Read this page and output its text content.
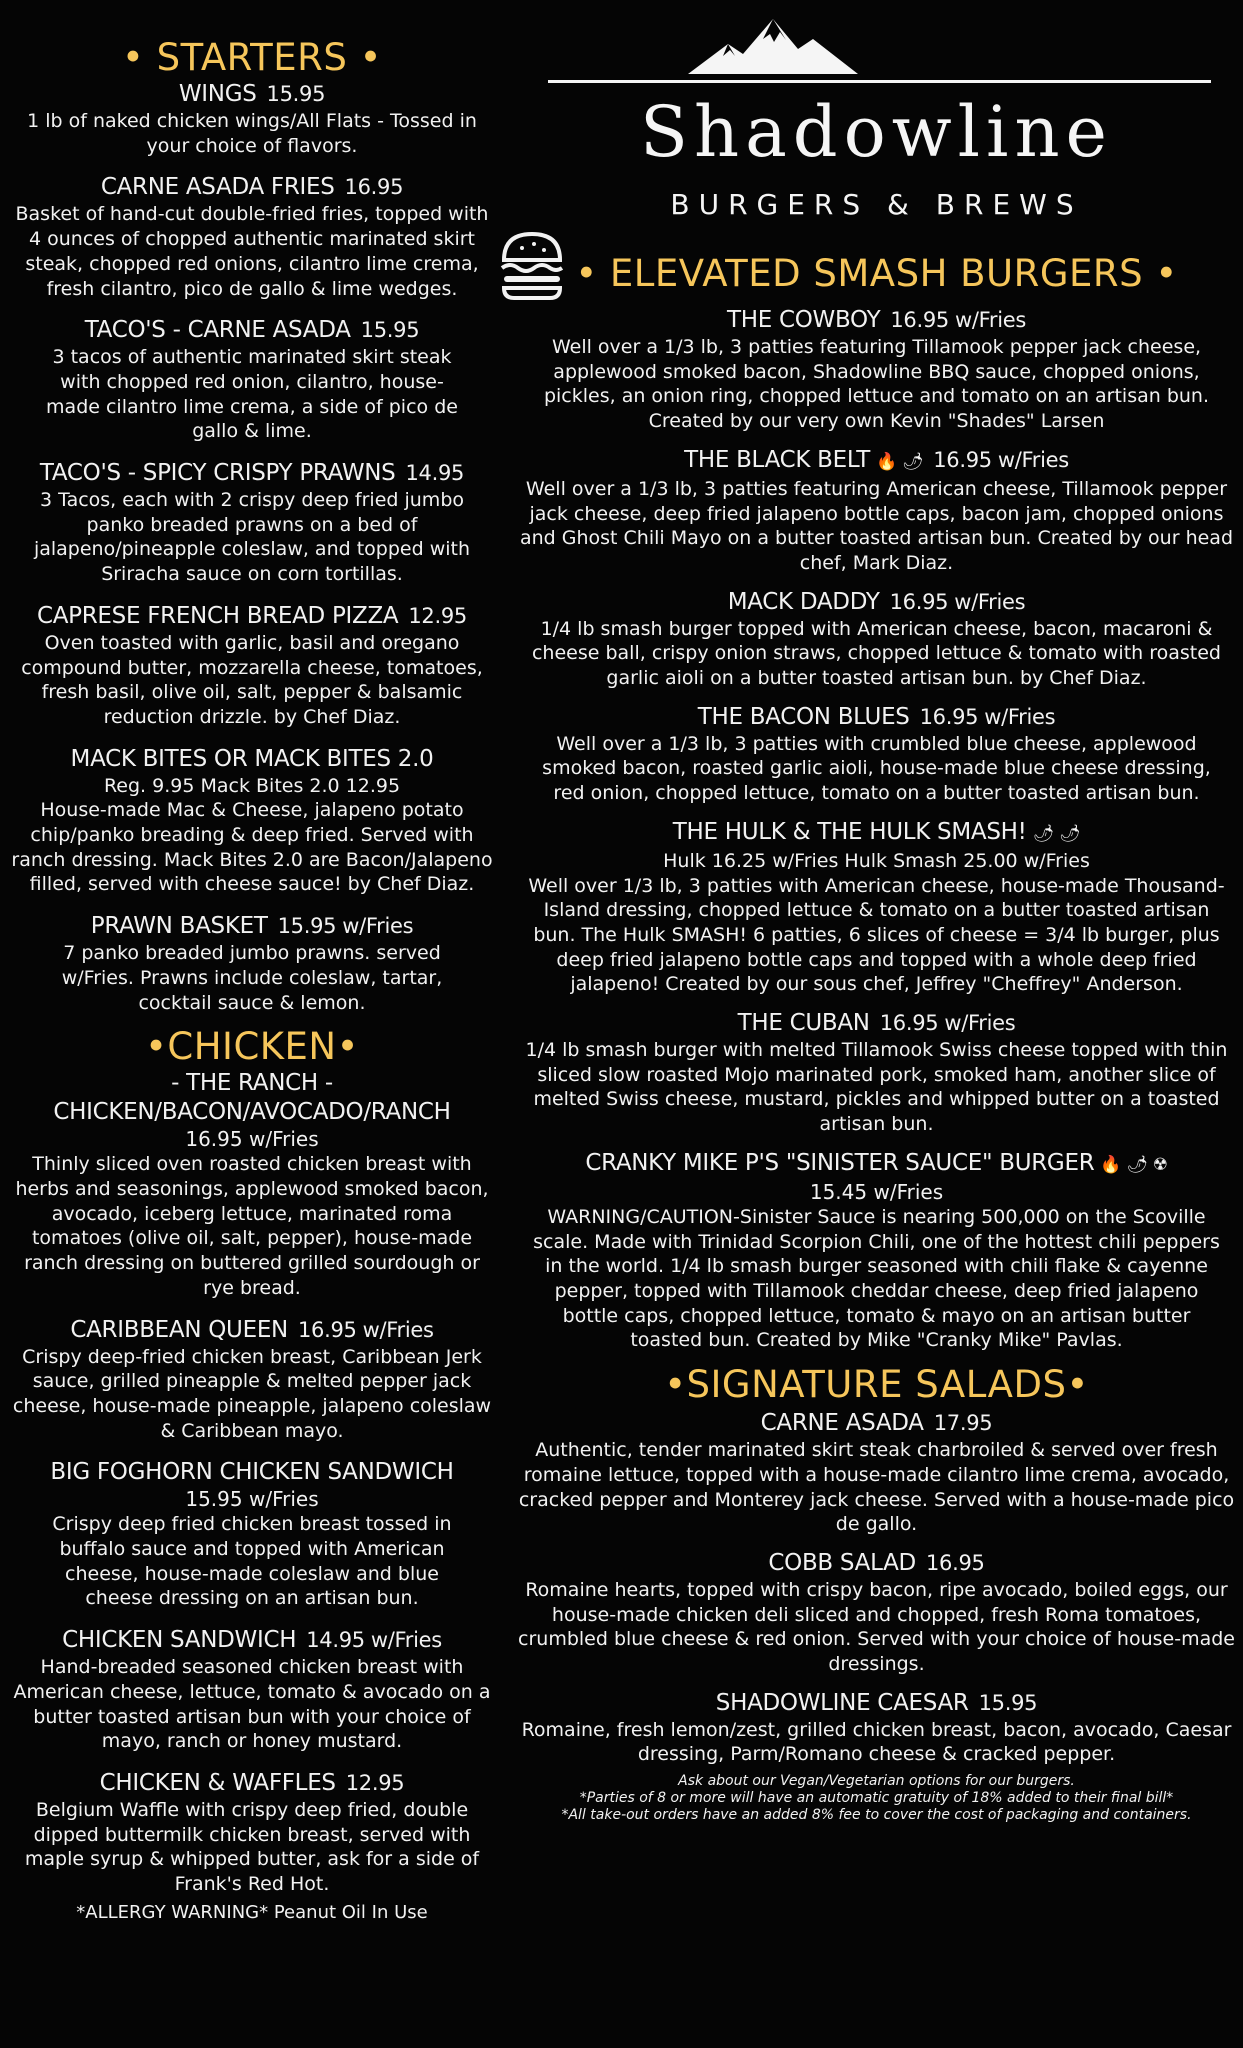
• STARTERS •
WINGS 15.95
1 lb of naked chicken wings/All Flats - Tossed in your choice of flavors.
CARNE ASADA FRIES 16.95
Basket of hand-cut double-fried fries, topped with 4 ounces of chopped authentic marinated skirt steak, chopped red onions, cilantro lime crema, fresh cilantro, pico de gallo & lime wedges.
TACO'S - CARNE ASADA 15.95
3 tacos of authentic marinated skirt steak with chopped red onion, cilantro, house-made cilantro lime crema, a side of pico de gallo & lime.
TACO'S - SPICY CRISPY PRAWNS 14.95
3 Tacos, each with 2 crispy deep fried jumbo panko breaded prawns on a bed of jalapeno/pineapple coleslaw, and topped with Sriracha sauce on corn tortillas.
CAPRESE FRENCH BREAD PIZZA 12.95
Oven toasted with garlic, basil and oregano compound butter, mozzarella cheese, tomatoes, fresh basil, olive oil, salt, pepper & balsamic reduction drizzle. by Chef Diaz.
MACK BITES OR MACK BITES 2.0
Reg. 9.95 Mack Bites 2.0 12.95
House-made Mac & Cheese, jalapeno potato chip/panko breading & deep fried. Served with ranch dressing. Mack Bites 2.0 are Bacon/Jalapeno filled, served with cheese sauce! by Chef Diaz.
PRAWN BASKET 15.95 w/Fries
7 panko breaded jumbo prawns. served w/Fries. Prawns include coleslaw, tartar, cocktail sauce & lemon.
•CHICKEN•
- THE RANCH -
CHICKEN/BACON/AVOCADO/RANCH
16.95 w/Fries
Thinly sliced oven roasted chicken breast with herbs and seasonings, applewood smoked bacon, avocado, iceberg lettuce, marinated roma tomatoes (olive oil, salt, pepper), house-made ranch dressing on buttered grilled sourdough or rye bread.
CARIBBEAN QUEEN 16.95 w/Fries
Crispy deep-fried chicken breast, Caribbean Jerk sauce, grilled pineapple & melted pepper jack cheese, house-made pineapple, jalapeno coleslaw & Caribbean mayo.
BIG FOGHORN CHICKEN SANDWICH
15.95 w/Fries
Crispy deep fried chicken breast tossed in buffalo sauce and topped with American cheese, house-made coleslaw and blue cheese dressing on an artisan bun.
CHICKEN SANDWICH 14.95 w/Fries
Hand-breaded seasoned chicken breast with American cheese, lettuce, tomato & avocado on a butter toasted artisan bun with your choice of mayo, ranch or honey mustard.
CHICKEN & WAFFLES 12.95
Belgium Waffle with crispy deep fried, double dipped buttermilk chicken breast, served with maple syrup & whipped butter, ask for a side of Frank's Red Hot.
*ALLERGY WARNING* Peanut Oil In Use
Shadowline
BURGERS & BREWS
• ELEVATED SMASH BURGERS •
THE COWBOY 16.95 w/Fries
Well over a 1/3 lb, 3 patties featuring Tillamook pepper jack cheese, applewood smoked bacon, Shadowline BBQ sauce, chopped onions, pickles, an onion ring, chopped lettuce and tomato on an artisan bun. Created by our very own Kevin "Shades" Larsen
THE BLACK BELT 🔥 🌶 16.95 w/Fries
Well over a 1/3 lb, 3 patties featuring American cheese, Tillamook pepper jack cheese, deep fried jalapeno bottle caps, bacon jam, chopped onions and Ghost Chili Mayo on a butter toasted artisan bun. Created by our head chef, Mark Diaz.
MACK DADDY 16.95 w/Fries
1/4 lb smash burger topped with American cheese, bacon, macaroni & cheese ball, crispy onion straws, chopped lettuce & tomato with roasted garlic aioli on a butter toasted artisan bun. by Chef Diaz.
THE BACON BLUES 16.95 w/Fries
Well over a 1/3 lb, 3 patties with crumbled blue cheese, applewood smoked bacon, roasted garlic aioli, house-made blue cheese dressing, red onion, chopped lettuce, tomato on a butter toasted artisan bun.
THE HULK & THE HULK SMASH! 🌶 🌶
Hulk 16.25 w/Fries Hulk Smash 25.00 w/Fries
Well over 1/3 lb, 3 patties with American cheese, house-made Thousand-Island dressing, chopped lettuce & tomato on a butter toasted artisan bun. The Hulk SMASH! 6 patties, 6 slices of cheese = 3/4 lb burger, plus deep fried jalapeno bottle caps and topped with a whole deep fried jalapeno! Created by our sous chef, Jeffrey "Cheffrey" Anderson.
THE CUBAN 16.95 w/Fries
1/4 lb smash burger with melted Tillamook Swiss cheese topped with thin sliced slow roasted Mojo marinated pork, smoked ham, another slice of melted Swiss cheese, mustard, pickles and whipped butter on a toasted artisan bun.
CRANKY MIKE P'S "SINISTER SAUCE" BURGER 🔥 🌶 ☢
15.45 w/Fries
WARNING/CAUTION-Sinister Sauce is nearing 500,000 on the Scoville scale. Made with Trinidad Scorpion Chili, one of the hottest chili peppers in the world. 1/4 lb smash burger seasoned with chili flake & cayenne pepper, topped with Tillamook cheddar cheese, deep fried jalapeno bottle caps, chopped lettuce, tomato & mayo on an artisan butter toasted bun. Created by Mike "Cranky Mike" Pavlas.
•SIGNATURE SALADS•
CARNE ASADA 17.95
Authentic, tender marinated skirt steak charbroiled & served over fresh romaine lettuce, topped with a house-made cilantro lime crema, avocado, cracked pepper and Monterey jack cheese. Served with a house-made pico de gallo.
COBB SALAD 16.95
Romaine hearts, topped with crispy bacon, ripe avocado, boiled eggs, our house-made chicken deli sliced and chopped, fresh Roma tomatoes, crumbled blue cheese & red onion. Served with your choice of house-made dressings.
SHADOWLINE CAESAR 15.95
Romaine, fresh lemon/zest, grilled chicken breast, bacon, avocado, Caesar dressing, Parm/Romano cheese & cracked pepper.
Ask about our Vegan/Vegetarian options for our burgers.
*Parties of 8 or more will have an automatic gratuity of 18% added to their final bill*
*All take-out orders have an added 8% fee to cover the cost of packaging and containers.
